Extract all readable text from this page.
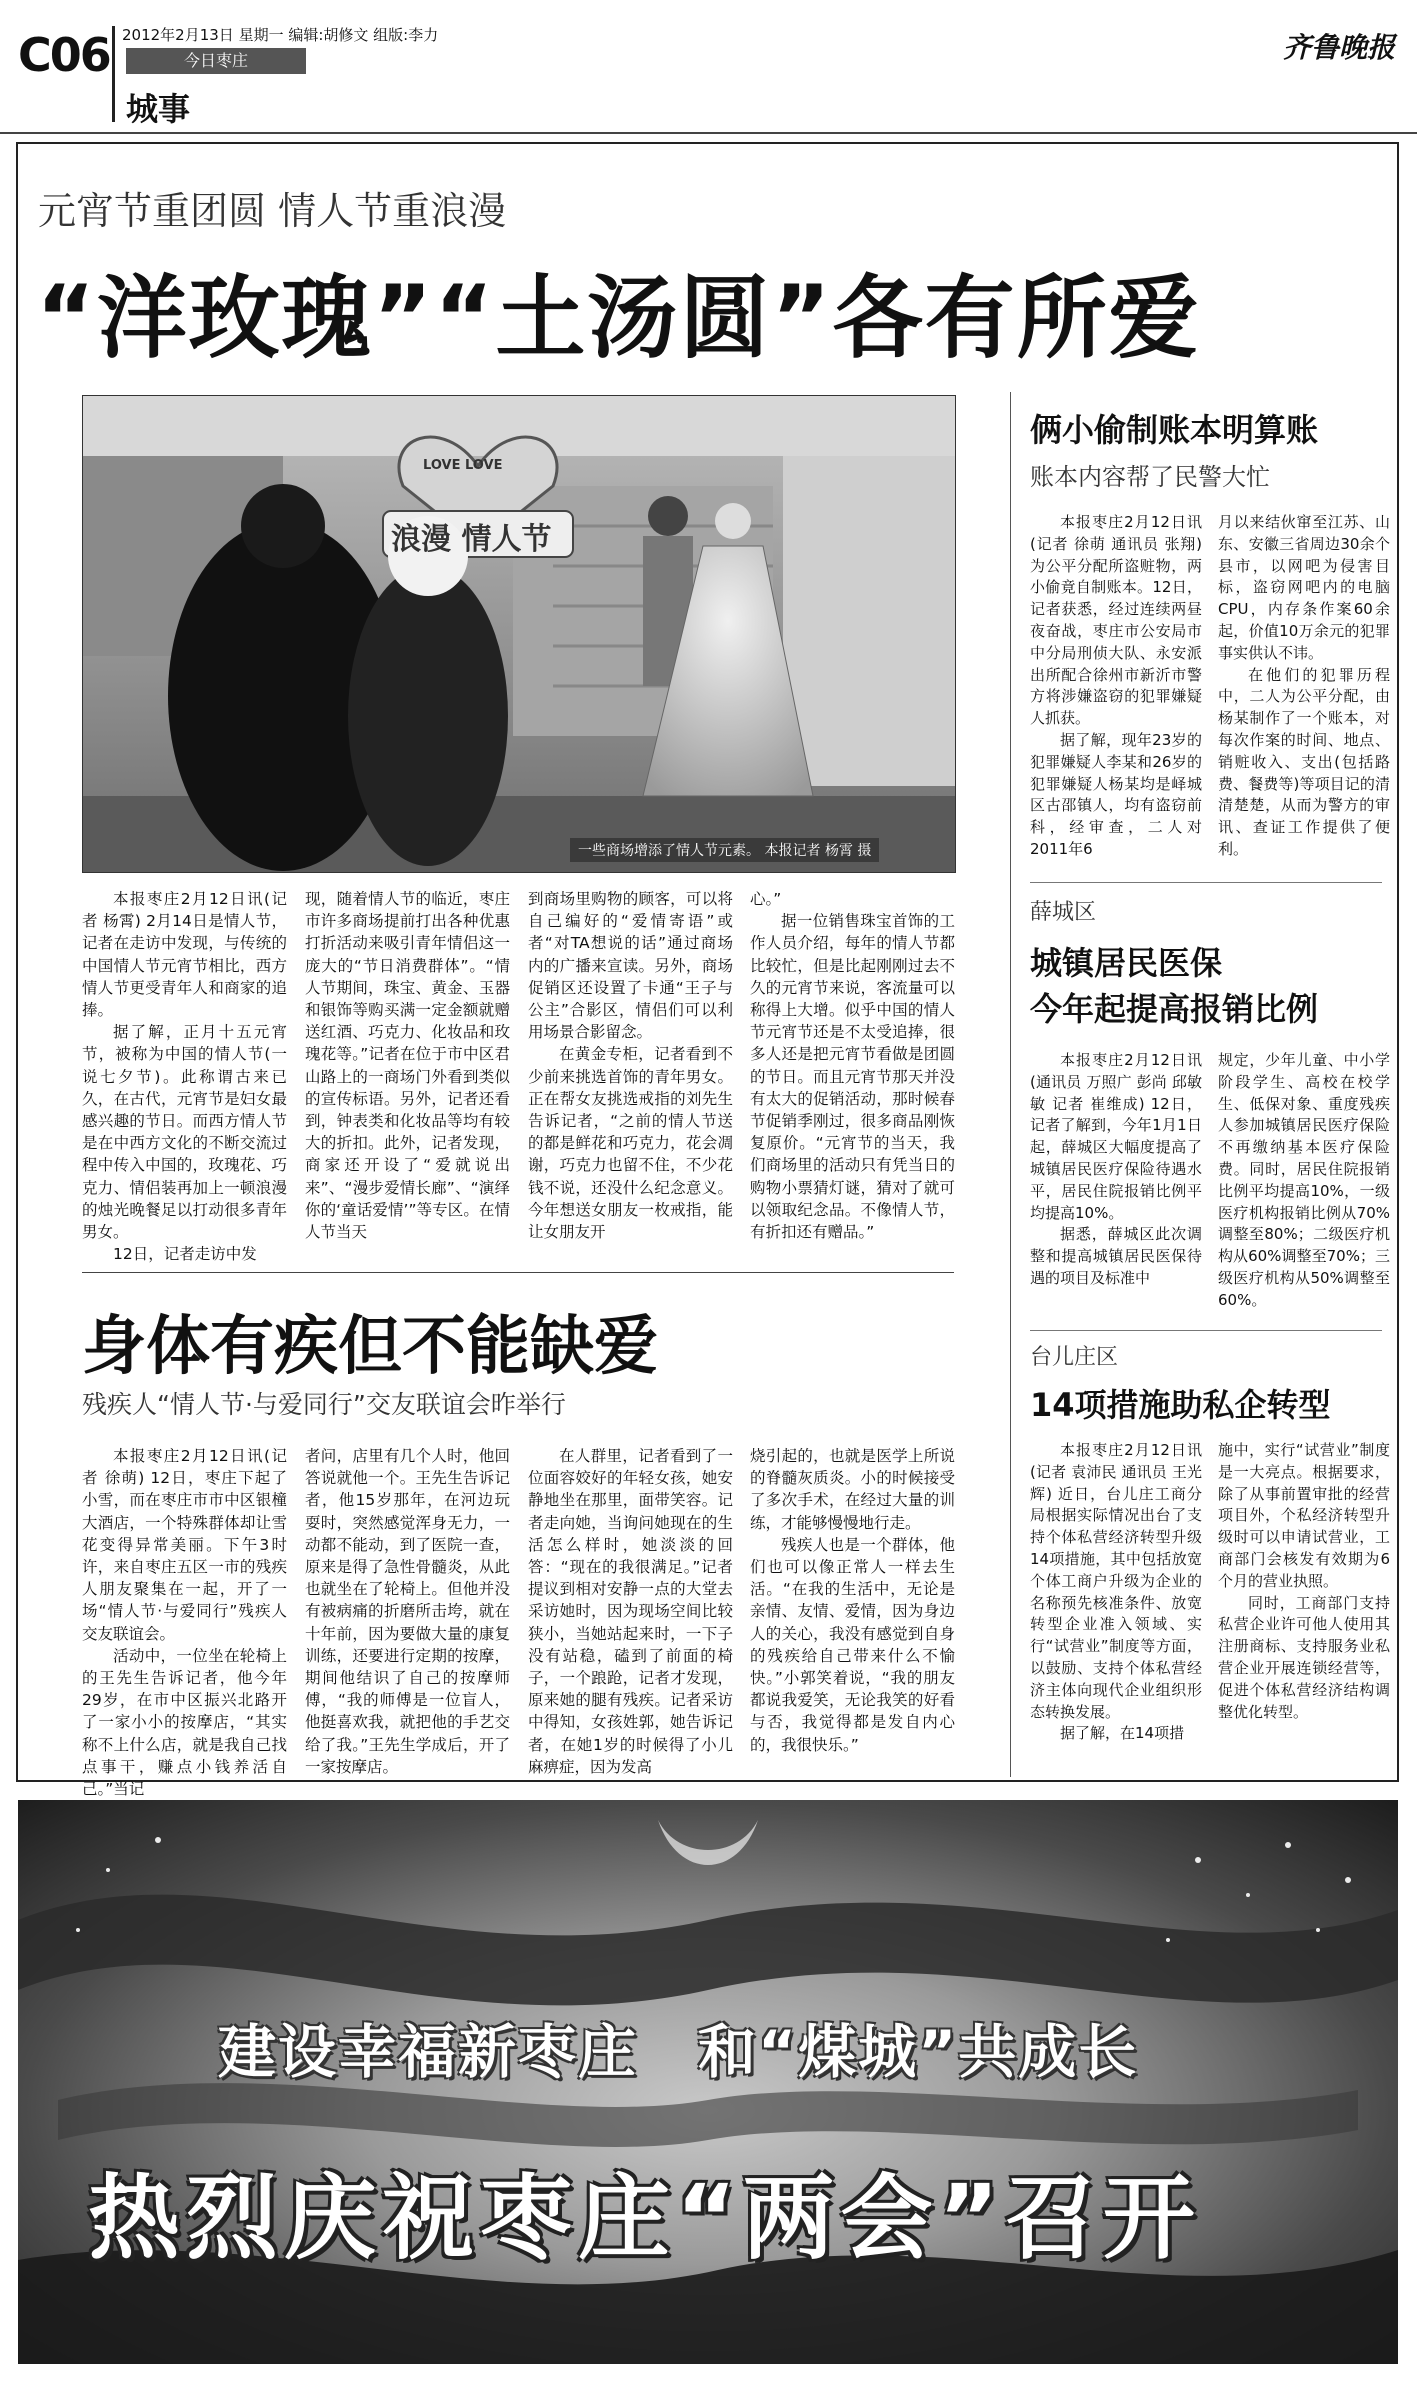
C06 2012年2月13日 星期一 编辑:胡修文 组版:李力
今日枣庄
城事
齐鲁晚报
元宵节重团圆 情人节重浪漫
“洋玫瑰”“土汤圆”各有所爱
LOVE LOVE
浪漫 情人节
一些商场增添了情人节元素。 本报记者 杨霄 摄

本报枣庄2月12日讯(记者 杨霄) 2月14日是情人节，记者在走访中发现，与传统的中国情人节元宵节相比，西方情人节更受青年人和商家的追捧。

据了解，正月十五元宵节，被称为中国的情人节(一说七夕节)。此称谓古来已久，在古代，元宵节是妇女最感兴趣的节日。而西方情人节是在中西方文化的不断交流过程中传入中国的，玫瑰花、巧克力、情侣装再加上一顿浪漫的烛光晚餐足以打动很多青年男女。

12日，记者走访中发

现，随着情人节的临近，枣庄市许多商场提前打出各种优惠打折活动来吸引青年情侣这一庞大的“节日消费群体”。“情人节期间，珠宝、黄金、玉器和银饰等购买满一定金额就赠送红酒、巧克力、化妆品和玫瑰花等。”记者在位于市中区君山路上的一商场门外看到类似的宣传标语。另外，记者还看到，钟表类和化妆品等均有较大的折扣。此外，记者发现，商家还开设了“爱就说出来”、“漫步爱情长廊”、“演绎你的‘童话爱情’”等专区。在情人节当天

到商场里购物的顾客，可以将自己编好的“爱情寄语”或者“对TA想说的话”通过商场内的广播来宣读。另外，商场促销区还设置了卡通“王子与公主”合影区，情侣们可以利用场景合影留念。

在黄金专柜，记者看到不少前来挑选首饰的青年男女。正在帮女友挑选戒指的刘先生告诉记者，“之前的情人节送的都是鲜花和巧克力，花会凋谢，巧克力也留不住，不少花钱不说，还没什么纪念意义。今年想送女朋友一枚戒指，能让女朋友开

心。”

据一位销售珠宝首饰的工作人员介绍，每年的情人节都比较忙，但是比起刚刚过去不久的元宵节来说，客流量可以称得上大增。似乎中国的情人节元宵节还是不太受追捧，很多人还是把元宵节看做是团圆的节日。而且元宵节那天并没有太大的促销活动，那时候春节促销季刚过，很多商品刚恢复原价。“元宵节的当天，我们商场里的活动只有凭当日的购物小票猜灯谜，猜对了就可以领取纪念品。不像情人节，有折扣还有赠品。”

身体有疾但不能缺爱
残疾人“情人节·与爱同行”交友联谊会昨举行

本报枣庄2月12日讯(记者 徐萌) 12日，枣庄下起了小雪，而在枣庄市市中区银橦大酒店，一个特殊群体却让雪花变得异常美丽。下午3时许，来自枣庄五区一市的残疾人朋友聚集在一起，开了一场“情人节·与爱同行”残疾人交友联谊会。

活动中，一位坐在轮椅上的王先生告诉记者，他今年29岁，在市中区振兴北路开了一家小小的按摩店，“其实称不上什么店，就是我自己找点事干，赚点小钱养活自己。”当记

者问，店里有几个人时，他回答说就他一个。王先生告诉记者，他15岁那年，在河边玩耍时，突然感觉浑身无力，一动都不能动，到了医院一查，原来是得了急性骨髓炎，从此也就坐在了轮椅上。但他并没有被病痛的折磨所击垮，就在十年前，因为要做大量的康复训练，还要进行定期的按摩，期间他结识了自己的按摩师傅，“我的师傅是一位盲人，他挺喜欢我，就把他的手艺交给了我。”王先生学成后，开了一家按摩店。

在人群里，记者看到了一位面容姣好的年轻女孩，她安静地坐在那里，面带笑容。记者走向她，当询问她现在的生活怎么样时，她淡淡的回答：“现在的我很满足。”记者提议到相对安静一点的大堂去采访她时，因为现场空间比较狭小，当她站起来时，一下子没有站稳，磕到了前面的椅子，一个踉跄，记者才发现，原来她的腿有残疾。记者采访中得知，女孩姓郭，她告诉记者，在她1岁的时候得了小儿麻痹症，因为发高

烧引起的，也就是医学上所说的脊髓灰质炎。小的时候接受了多次手术，在经过大量的训练，才能够慢慢地行走。

残疾人也是一个群体，他们也可以像正常人一样去生活。“在我的生活中，无论是亲情、友情、爱情，因为身边人的关心，我没有感觉到自身的残疾给自己带来什么不愉快。”小郭笑着说，“我的朋友都说我爱笑，无论我笑的好看与否，我觉得都是发自内心的，我很快乐。”

俩小偷制账本明算账
账本内容帮了民警大忙

本报枣庄2月12日讯(记者 徐萌 通讯员 张翔) 为公平分配所盗赃物，两小偷竟自制账本。12日，记者获悉，经过连续两昼夜奋战，枣庄市公安局市中分局刑侦大队、永安派出所配合徐州市新沂市警方将涉嫌盗窃的犯罪嫌疑人抓获。

据了解，现年23岁的犯罪嫌疑人李某和26岁的犯罪嫌疑人杨某均是峄城区古邵镇人，均有盗窃前科，经审查，二人对2011年6

月以来结伙窜至江苏、山东、安徽三省周边30余个县市，以网吧为侵害目标，盗窃网吧内的电脑CPU，内存条作案60余起，价值10万余元的犯罪事实供认不讳。

在他们的犯罪历程中，二人为公平分配，由杨某制作了一个账本，对每次作案的时间、地点、销赃收入、支出(包括路费、餐费等)等项目记的清清楚楚，从而为警方的审讯、查证工作提供了便利。

薛城区
城镇居民医保
今年起提高报销比例

本报枣庄2月12日讯(通讯员 万照广 彭尚 邱敏敏 记者 崔维成) 12日，记者了解到，今年1月1日起，薛城区大幅度提高了城镇居民医疗保险待遇水平，居民住院报销比例平均提高10%。

据悉，薛城区此次调整和提高城镇居民医保待遇的项目及标准中

规定，少年儿童、中小学阶段学生、高校在校学生、低保对象、重度残疾人参加城镇居民医疗保险不再缴纳基本医疗保险费。同时，居民住院报销比例平均提高10%，一级医疗机构报销比例从70%调整至80%；二级医疗机构从60%调整至70%；三级医疗机构从50%调整至60%。

台儿庄区
14项措施助私企转型

本报枣庄2月12日讯(记者 袁沛民 通讯员 王光辉) 近日，台儿庄工商分局根据实际情况出台了支持个体私营经济转型升级14项措施，其中包括放宽个体工商户升级为企业的名称预先核准条件、放宽转型企业准入领域、实行“试营业”制度等方面，以鼓励、支持个体私营经济主体向现代企业组织形态转换发展。

据了解，在14项措

施中，实行“试营业”制度是一大亮点。根据要求，除了从事前置审批的经营项目外，个私经济转型升级时可以申请试营业，工商部门会核发有效期为6个月的营业执照。

同时，工商部门支持私营企业许可他人使用其注册商标、支持服务业私营企业开展连锁经营等，促进个体私营经济结构调整优化转型。

建设幸福新枣庄　和“煤城”共成长
热烈庆祝枣庄“两会”召开
